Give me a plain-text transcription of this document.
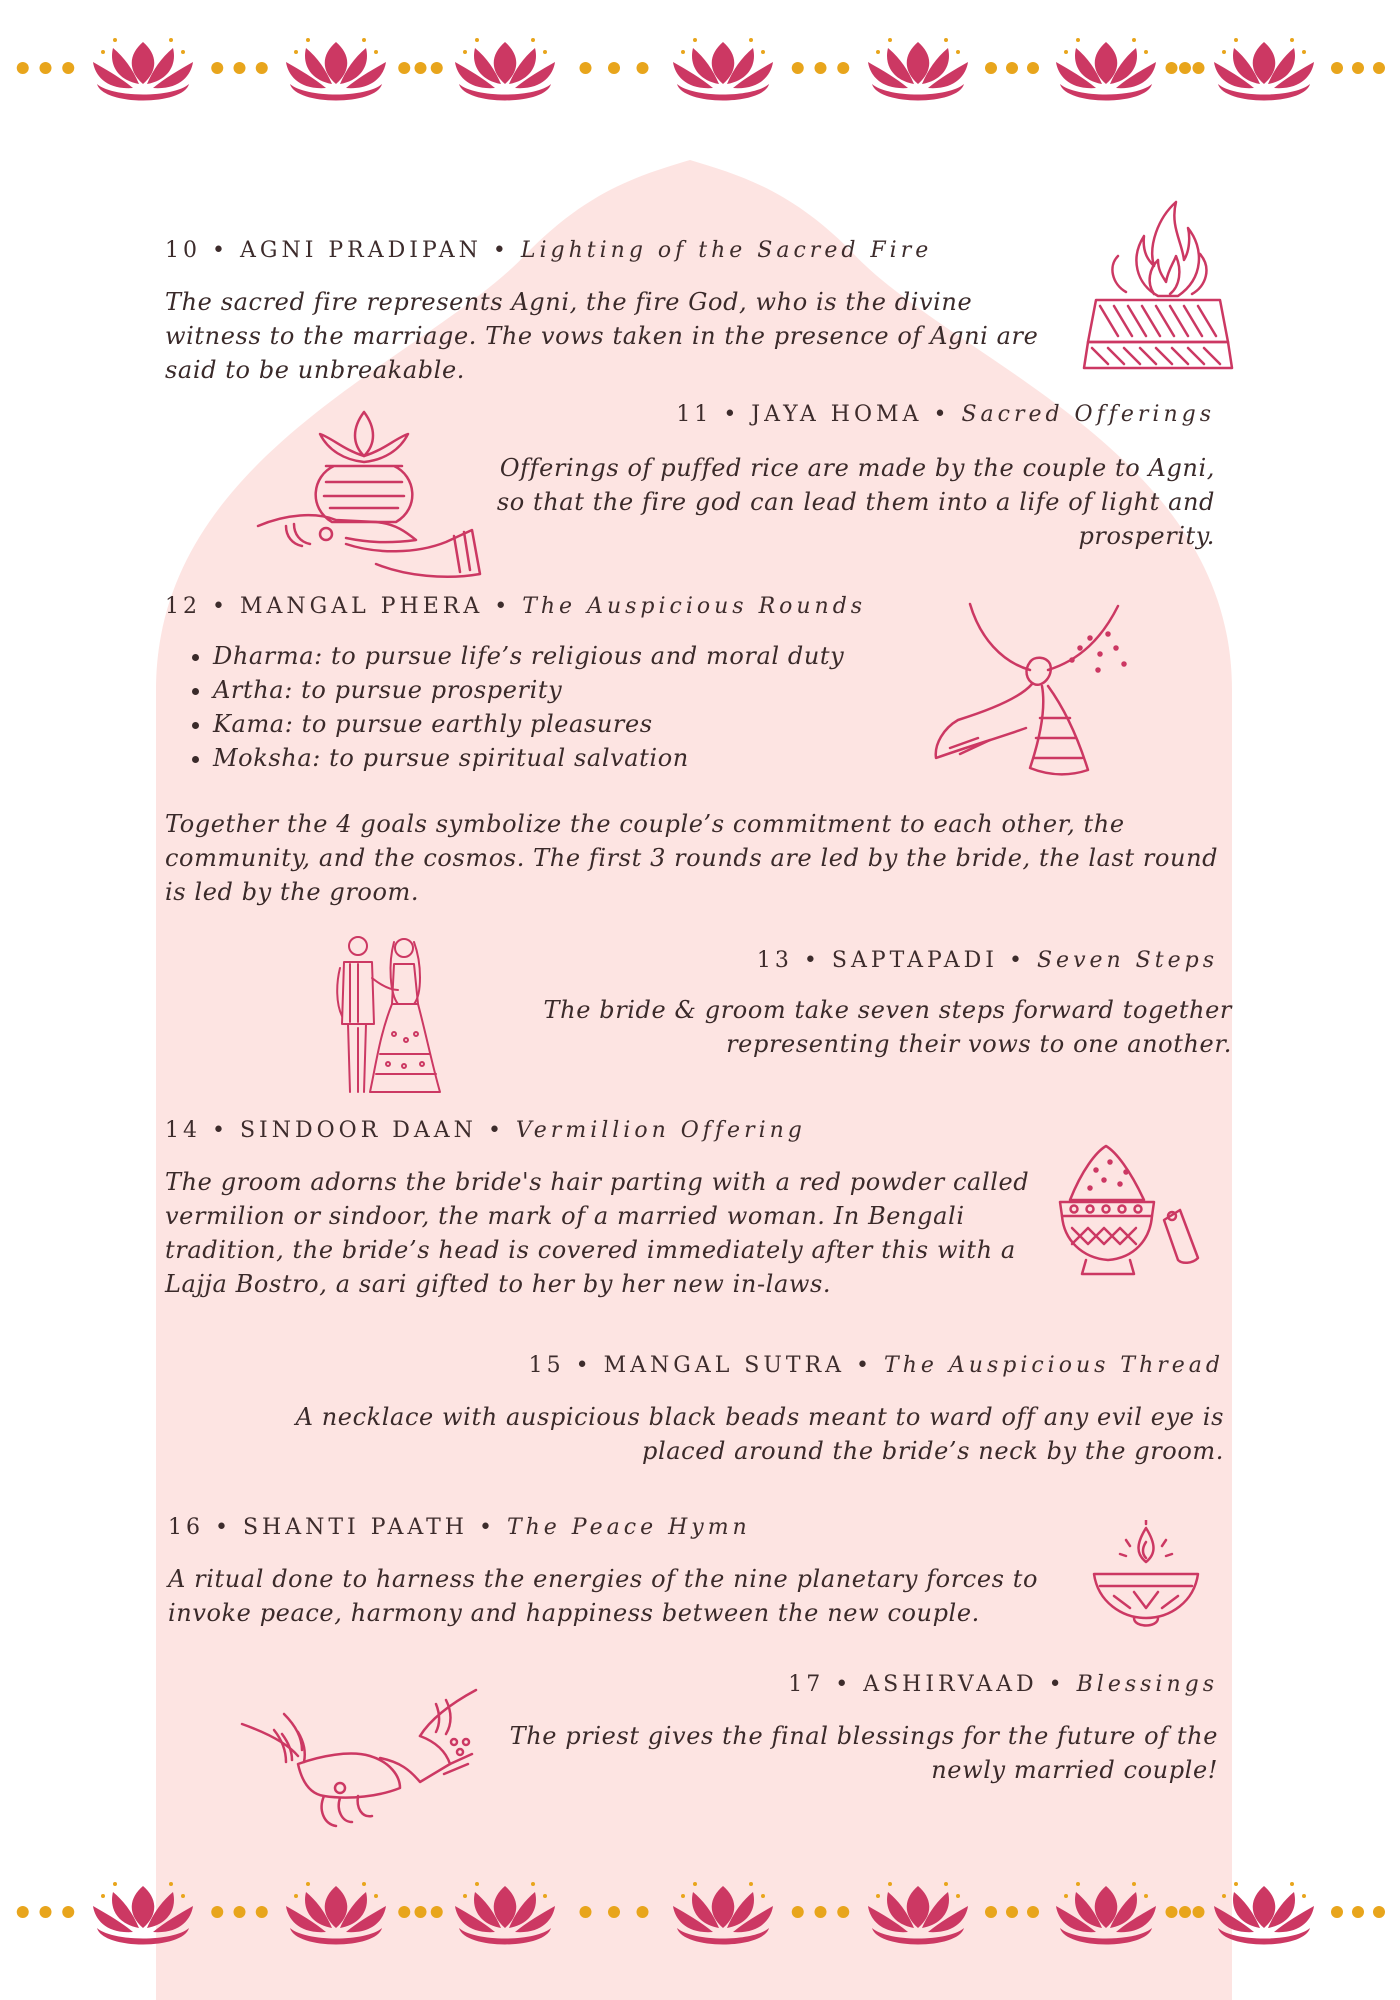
10 • AGNI PRADIPAN • Lighting of the Sacred Fire
The sacred fire represents Agni, the fire God, who is the divine witness to the marriage. The vows taken in the presence of Agni are said to be unbreakable.
11 • JAYA HOMA • Sacred Offerings
Offerings of puffed rice are made by the couple to Agni, so that the fire god can lead them into a life of light and prosperity.
12 • MANGAL PHERA • The Auspicious Rounds
• Dharma: to pursue life’s religious and moral duty
• Artha: to pursue prosperity
• Kama: to pursue earthly pleasures
• Moksha: to pursue spiritual salvation
Together the 4 goals symbolize the couple’s commitment to each other, the community, and the cosmos. The first 3 rounds are led by the bride, the last round is led by the groom.
13 • SAPTAPADI • Seven Steps
The bride & groom take seven steps forward together representing their vows to one another.
14 • SINDOOR DAAN • Vermillion Offering
The groom adorns the bride's hair parting with a red powder called vermilion or sindoor, the mark of a married woman. In Bengali tradition, the bride’s head is covered immediately after this with a Lajja Bostro, a sari gifted to her by her new in-laws.
15 • MANGAL SUTRA • The Auspicious Thread
A necklace with auspicious black beads meant to ward off any evil eye is placed around the bride’s neck by the groom.
16 • SHANTI PAATH • The Peace Hymn
A ritual done to harness the energies of the nine planetary forces to invoke peace, harmony and happiness between the new couple.
17 • ASHIRVAAD • Blessings
The priest gives the final blessings for the future of the newly married couple!
